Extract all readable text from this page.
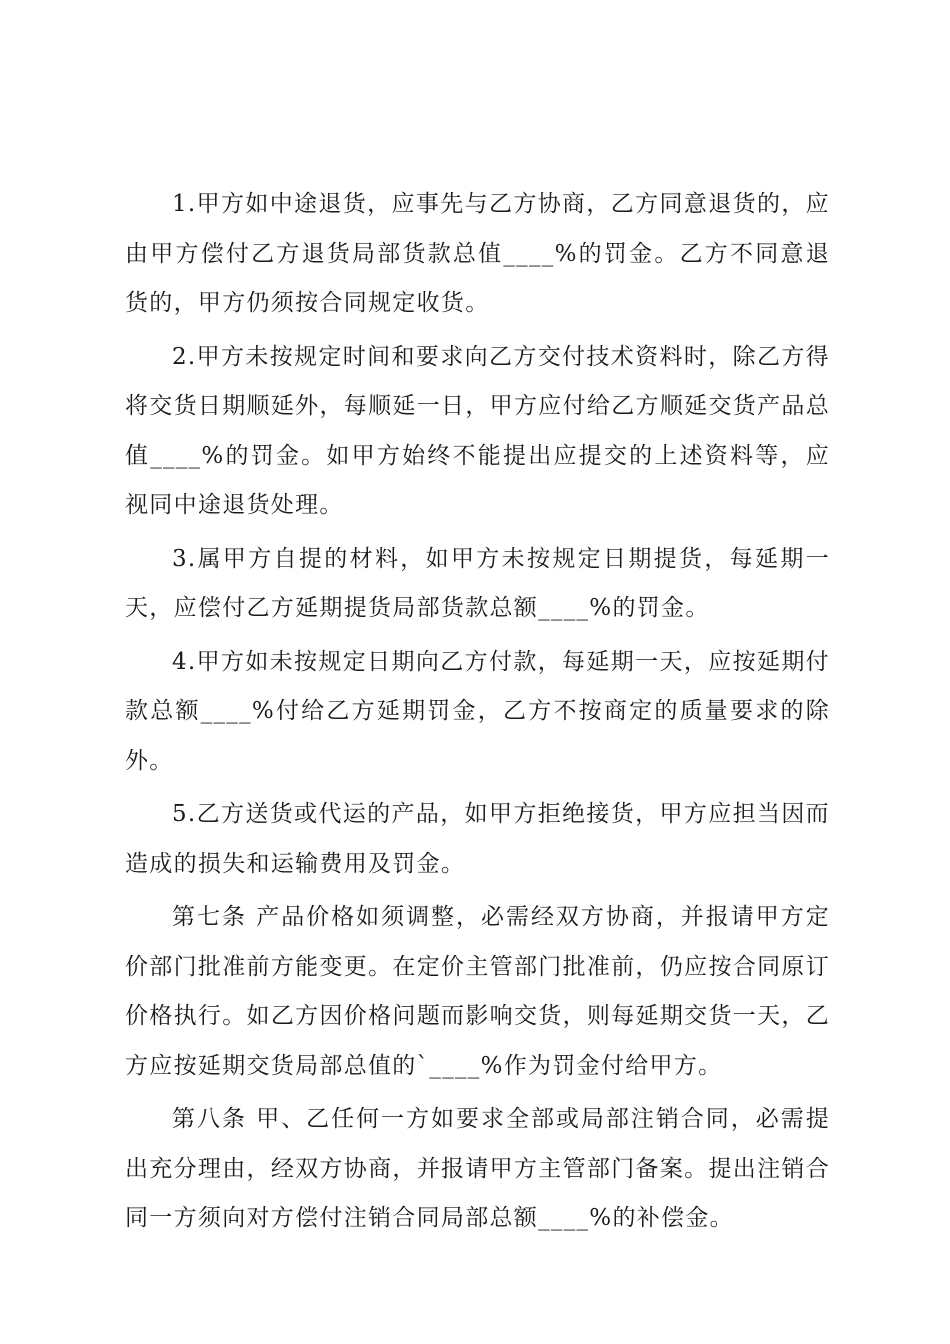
1.甲方如中途退货，应事先与乙方协商，乙方同意退货的，应由甲方偿付乙方退货局部货款总值____%的罚金。乙方不同意退货的，甲方仍须按合同规定收货。

2.甲方未按规定时间和要求向乙方交付技术资料时，除乙方得将交货日期顺延外，每顺延一日，甲方应付给乙方顺延交货产品总值____%的罚金。如甲方始终不能提出应提交的上述资料等，应视同中途退货处理。

3.属甲方自提的材料，如甲方未按规定日期提货，每延期一天，应偿付乙方延期提货局部货款总额____%的罚金。

4.甲方如未按规定日期向乙方付款，每延期一天，应按延期付款总额____%付给乙方延期罚金，乙方不按商定的质量要求的除外。

5.乙方送货或代运的产品，如甲方拒绝接货，甲方应担当因而造成的损失和运输费用及罚金。

第七条 产品价格如须调整，必需经双方协商，并报请甲方定价部门批准前方能变更。在定价主管部门批准前，仍应按合同原订价格执行。如乙方因价格问题而影响交货，则每延期交货一天，乙方应按延期交货局部总值的`____%作为罚金付给甲方。

第八条 甲、乙任何一方如要求全部或局部注销合同，必需提出充分理由，经双方协商，并报请甲方主管部门备案。提出注销合同一方须向对方偿付注销合同局部总额____%的补偿金。
